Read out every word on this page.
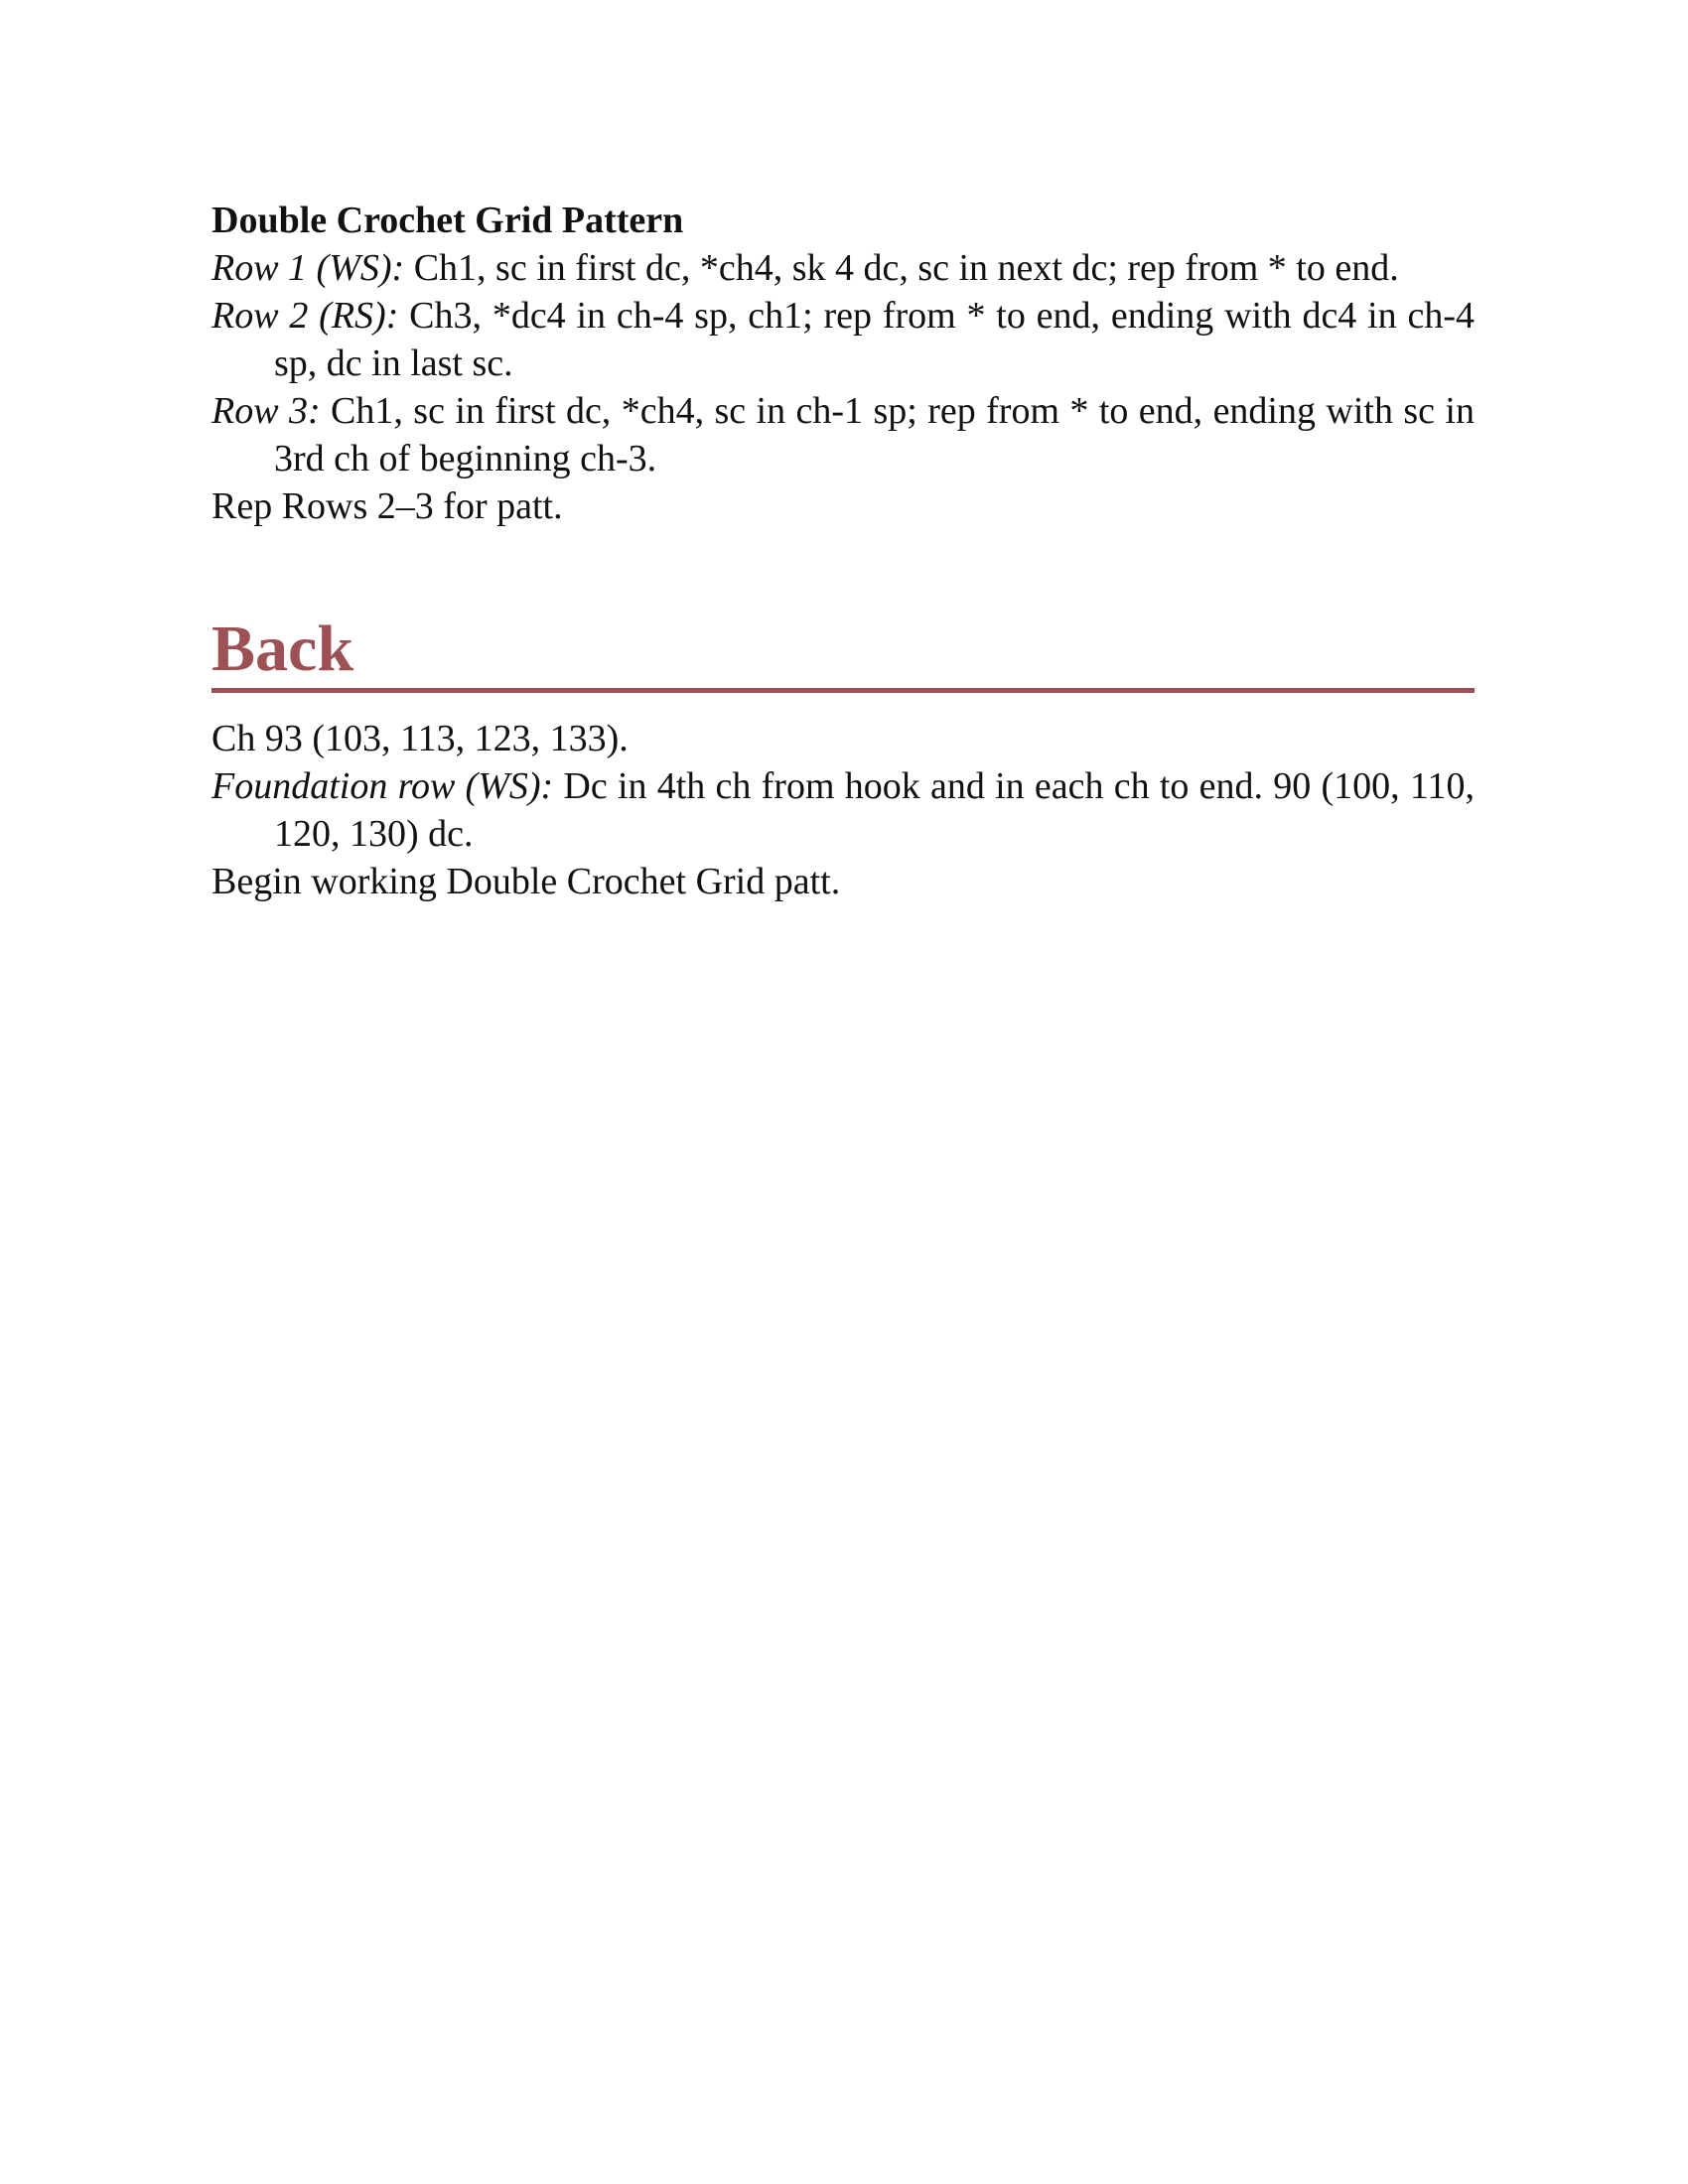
Double Crochet Grid Pattern

Row 1 (WS): Ch1, sc in first dc, *ch4, sk 4 dc, sc in next dc; rep from * to end.

Row 2 (RS): Ch3, *dc4 in ch-4 sp, ch1; rep from * to end, ending with dc4 in ch-4 sp, dc in last sc.

Row 3: Ch1, sc in first dc, *ch4, sc in ch-1 sp; rep from * to end, ending with sc in 3rd ch of beginning ch-3.

Rep Rows 2–3 for patt.

Back

Ch 93 (103, 113, 123, 133).

Foundation row (WS): Dc in 4th ch from hook and in each ch to end. 90 (100, 110, 120, 130) dc.

Begin working Double Crochet Grid patt.
